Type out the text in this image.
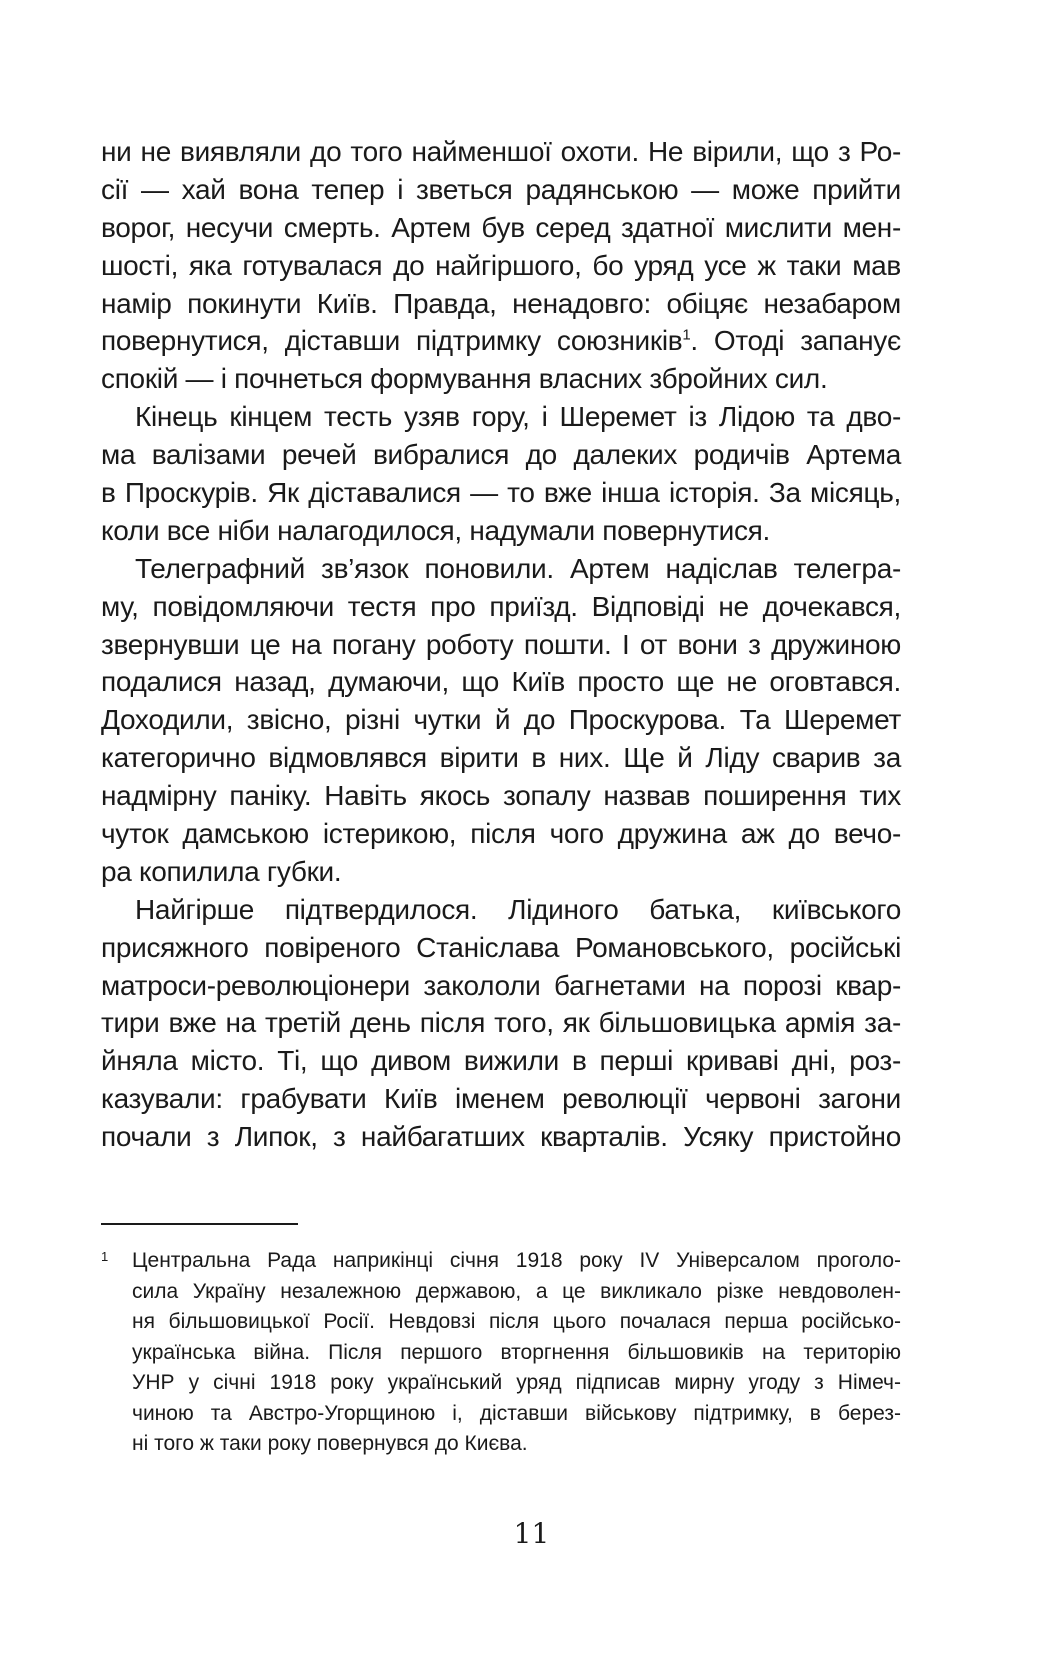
ни не виявляли до того найменшої охоти. Не вірили, що з Ро-
сії — хай вона тепер і зветься радянською — може прийти
ворог, несучи смерть. Артем був серед здатної мислити мен-
шості, яка готувалася до найгіршого, бо уряд усе ж таки мав
намір покинути Київ. Правда, ненадовго: обіцяє незабаром
повернутися, діставши підтримку союзників$^1$. Отоді запанує
спокій — і почнеться формування власних збройних сил.
Кінець кінцем тесть узяв гору, і Шеремет із Лідою та дво-
ма валізами речей вибралися до далеких родичів Артема
в Проскурів. Як діставалися — то вже інша історія. За місяць,
коли все ніби налагодилося, надумали повернутися.
Телеграфний зв’язок поновили. Артем надіслав телегра-
му, повідомляючи тестя про приїзд. Відповіді не дочекався,
звернувши це на погану роботу пошти. І от вони з дружиною
подалися назад, думаючи, що Київ просто ще не оговтався.
Доходили, звісно, різні чутки й до Проскурова. Та Шеремет
категорично відмовлявся вірити в них. Ще й Ліду сварив за
надмірну паніку. Навіть якось зопалу назвав поширення тих
чуток дамською істерикою, після чого дружина аж до вечо-
ра копилила губки.
Найгірше підтвердилося. Лідиного батька, київського
присяжного повіреного Станіслава Романовського, російські
матроси-революціонери закололи багнетами на порозі квар-
тири вже на третій день після того, як більшовицька армія за-
йняла місто. Ті, що дивом вижили в перші криваві дні, роз-
казували: грабувати Київ іменем революції червоні загони
почали з Липок, з найбагатших кварталів. Усяку пристойно
1 Центральна Рада наприкінці січня 1918 року IV Універсалом проголо-
сила Україну незалежною державою, а це викликало різке невдоволен-
ня більшовицької Росії. Невдовзі після цього почалася перша російсько-
українська війна. Після першого вторгнення більшовиків на територію
УНР у січні 1918 року український уряд підписав мирну угоду з Німеч-
чиною та Австро-Угорщиною і, діставши військову підтримку, в берез-
ні того ж таки року повернувся до Києва.
11
